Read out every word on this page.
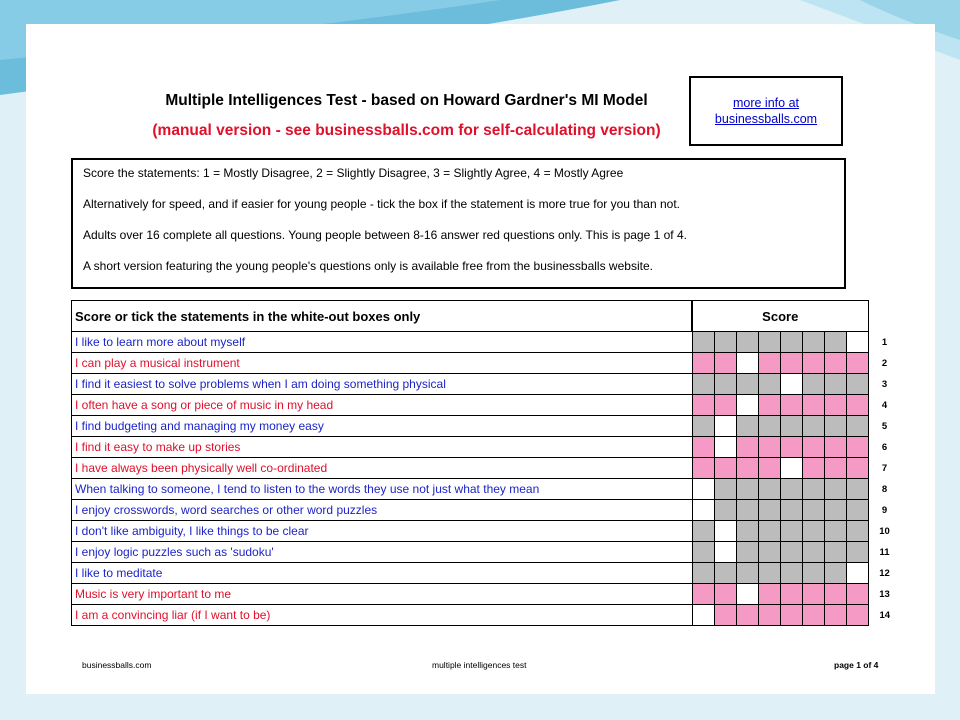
Multiple Intelligences Test - based on Howard Gardner's MI Model
(manual version - see businessballs.com for self-calculating version)
more info at businessballs.com

Score the statements: 1 = Mostly Disagree, 2 = Slightly Disagree, 3 = Slightly Agree, 4 = Mostly Agree

Alternatively for speed, and if easier for young people - tick the box if the statement is more true for you than not.

Adults over 16 complete all questions. Young people between 8-16 answer red questions only. This is page 1 of 4.

A short version featuring the young people's questions only is available free from the businessballs website.

Score or tick the statements in the white-out boxes only	Score								
I like to learn more about myself									1
I can play a musical instrument									2
I find it easiest to solve problems when I am doing something physical									3
I often have a song or piece of music in my head									4
I find budgeting and managing my money easy									5
I find it easy to make up stories									6
I have always been physically well co-ordinated									7
When talking to someone, I tend to listen to the words they use not just what they mean									8
I enjoy crosswords, word searches or other word puzzles									9
I don't like ambiguity, I like things to be clear									10
I enjoy logic puzzles such as 'sudoku'									11
I like to meditate									12
Music is very important to me									13
I am a convincing liar (if I want to be)									14
businessballs.com	multiple intelligences test	page 1 of 4
